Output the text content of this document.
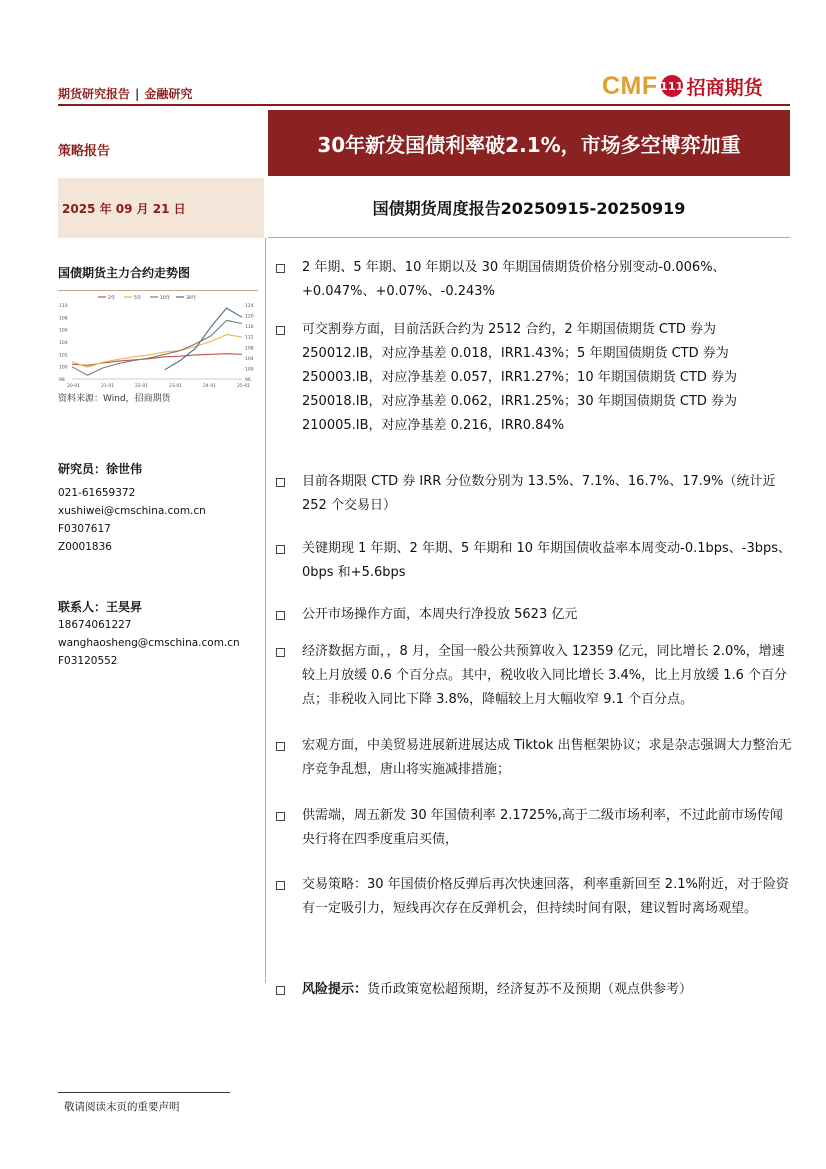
期货研究报告 | 金融研究	CMF 111 招商期货
策略报告	30年新发国债利率破2.1%，市场多空博弈加重
2025 年 09 月 21 日	国债期货周度报告20250915-20250919
国债期货主力合约走势图
110
108
106
104
102
100
98
124
120
116
112
108
104
100
96
20-01	21-01	22-01	23-01	24-01	25-01
2年	5年	10年	30年
资料来源：Wind，招商期货
研究员：徐世伟
021-61659372
xushiwei@cmschina.com.cn
F0307617
Z0001836
联系人：王昊昇
18674061227
wanghaosheng@cmschina.com.cn
F03120552
2 年期、5 年期、10 年期以及 30 年期国债期货价格分别变动-0.006%、+0.047%、+0.07%、-0.243%
可交割券方面，目前活跃合约为 2512 合约，2 年期国债期货 CTD 券为 250012.IB，对应净基差 0.018，IRR1.43%；5 年期国债期货 CTD 券为 250003.IB，对应净基差 0.057，IRR1.27%；10 年期国债期货 CTD 券为 250018.IB，对应净基差 0.062，IRR1.25%；30 年期国债期货 CTD 券为 210005.IB，对应净基差 0.216，IRR0.84%
目前各期限 CTD 券 IRR 分位数分别为 13.5%、7.1%、16.7%、17.9%（统计近 252 个交易日）
关键期现 1 年期、2 年期、5 年期和 10 年期国债收益率本周变动-0.1bps、-3bps、0bps 和+5.6bps
公开市场操作方面，本周央行净投放 5623 亿元
经济数据方面，，8 月，全国一般公共预算收入 12359 亿元，同比增长 2.0%，增速较上月放缓 0.6 个百分点。其中，税收收入同比增长 3.4%，比上月放缓 1.6 个百分点；非税收入同比下降 3.8%，降幅较上月大幅收窄 9.1 个百分点。
宏观方面，中美贸易进展新进展达成 Tiktok 出售框架协议；求是杂志强调大力整治无序竞争乱想，唐山将实施减排措施；
供需端，周五新发 30 年国债利率 2.1725%,高于二级市场利率，不过此前市场传闻央行将在四季度重启买债，
交易策略：30 年国债价格反弹后再次快速回落，利率重新回至 2.1%附近，对于险资有一定吸引力，短线再次存在反弹机会，但持续时间有限，建议暂时离场观望。
风险提示：货币政策宽松超预期，经济复苏不及预期（观点供参考）
敬请阅读末页的重要声明
